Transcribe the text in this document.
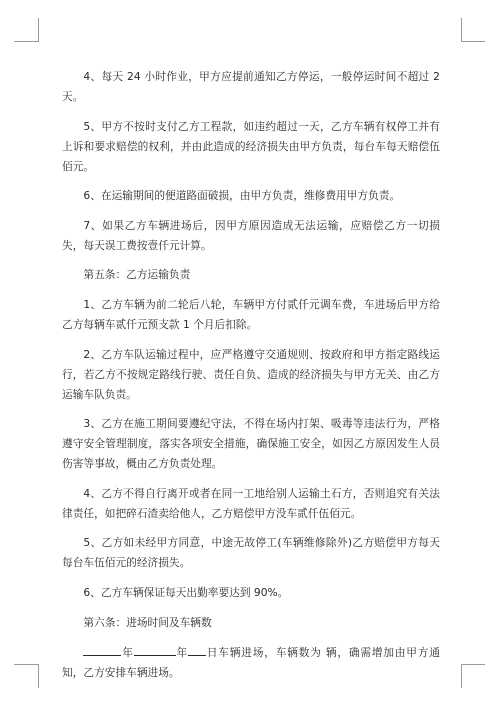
4、每天 24 小时作业，甲方应提前通知乙方停运，一般停运时间不超过 2 天。

5、甲方不按时支付乙方工程款，如违约超过一天，乙方车辆有权停工并有上诉和要求赔偿的权利，并由此造成的经济损失由甲方负责，每台车每天赔偿伍佰元。

6、在运输期间的便道路面破损，由甲方负责，维修费用甲方负责。

7、如果乙方车辆进场后，因甲方原因造成无法运输，应赔偿乙方一切损失，每天误工费按壹仟元计算。

第五条：乙方运输负责

1、乙方车辆为前二轮后八轮，车辆甲方付贰仟元调车费，车进场后甲方给乙方每辆车贰仟元预支款 1 个月后扣除。

2、乙方车队运输过程中，应严格遵守交通规则、按政府和甲方指定路线运行，若乙方不按规定路线行驶、责任自负、造成的经济损失与甲方无关、由乙方运输车队负责。

3、乙方在施工期间要遵纪守法，不得在场内打架、吸毒等违法行为，严格遵守安全管理制度，落实各项安全措施，确保施工安全，如因乙方原因发生人员伤害等事故，概由乙方负责处理。

4、乙方不得自行离开或者在同一工地给别人运输土石方，否则追究有关法律责任，如把碎石渣卖给他人，乙方赔偿甲方没车贰仟伍佰元。

5、乙方如未经甲方同意，中途无故停工(车辆维修除外)乙方赔偿甲方每天每台车伍佰元的经济损失。

6、乙方车辆保证每天出勤率要达到 90%。

第六条：进场时间及车辆数

年	年 日车辆进场，车辆数为 辆，确需增加由甲方通知，乙方安排车辆进场。
